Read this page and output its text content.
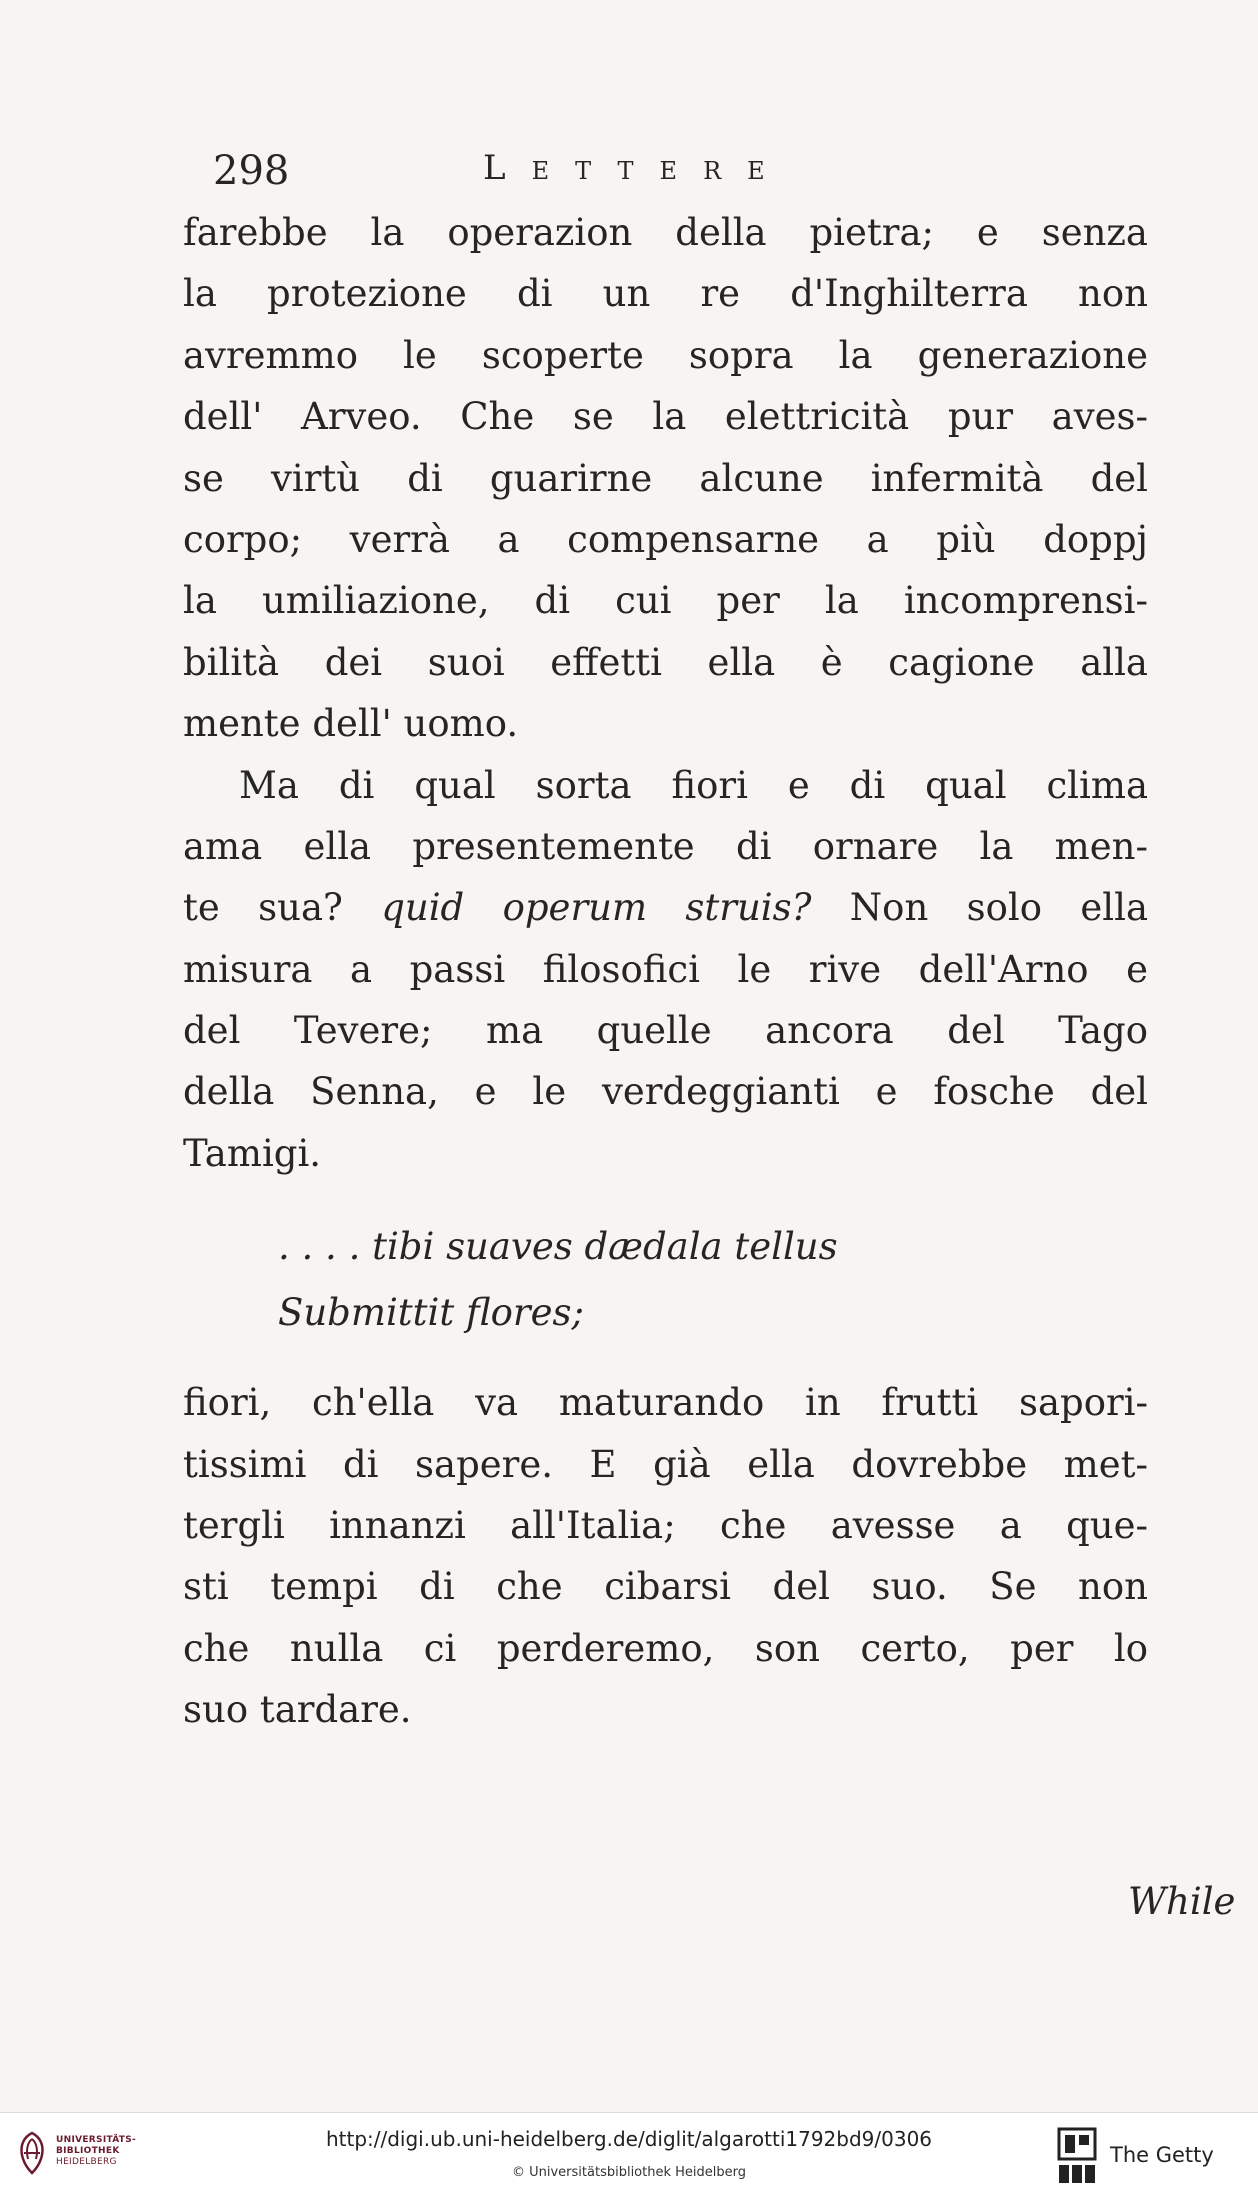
298	Lettere

farebbe la operazion della pietra; e senza
la protezione di un re d'Inghilterra non
avremmo le scoperte sopra la generazione
dell' Arveo. Che se la elettricità pur aves-
se virtù di guarirne alcune infermità del
corpo; verrà a compensarne a più doppj
la umiliazione, di cui per la incomprensi-
bilità dei suoi effetti ella è cagione alla
mente dell' uomo.

Ma di qual sorta fiori e di qual clima
ama ella presentemente di ornare la men-
te sua? quid operum struis? Non solo ella
misura a passi filosofici le rive dell'Arno e
del Tevere; ma quelle ancora del Tago
della Senna, e le verdeggianti e fosche del
Tamigi.

. . . . tibi suaves dædala tellus
Submittit flores;

fiori, ch'ella va maturando in frutti sapori-
tissimi di sapere. E già ella dovrebbe met-
tergli innanzi all'Italia; che avesse a que-
sti tempi di che cibarsi del suo. Se non
che nulla ci perderemo, son certo, per lo
suo tardare.

While
UNIVERSITÄTS-
BIBLIOTHEK
HEIDELBERG
http://digi.ub.uni-heidelberg.de/diglit/algarotti1792bd9/0306
© Universitätsbibliothek Heidelberg
The Getty
